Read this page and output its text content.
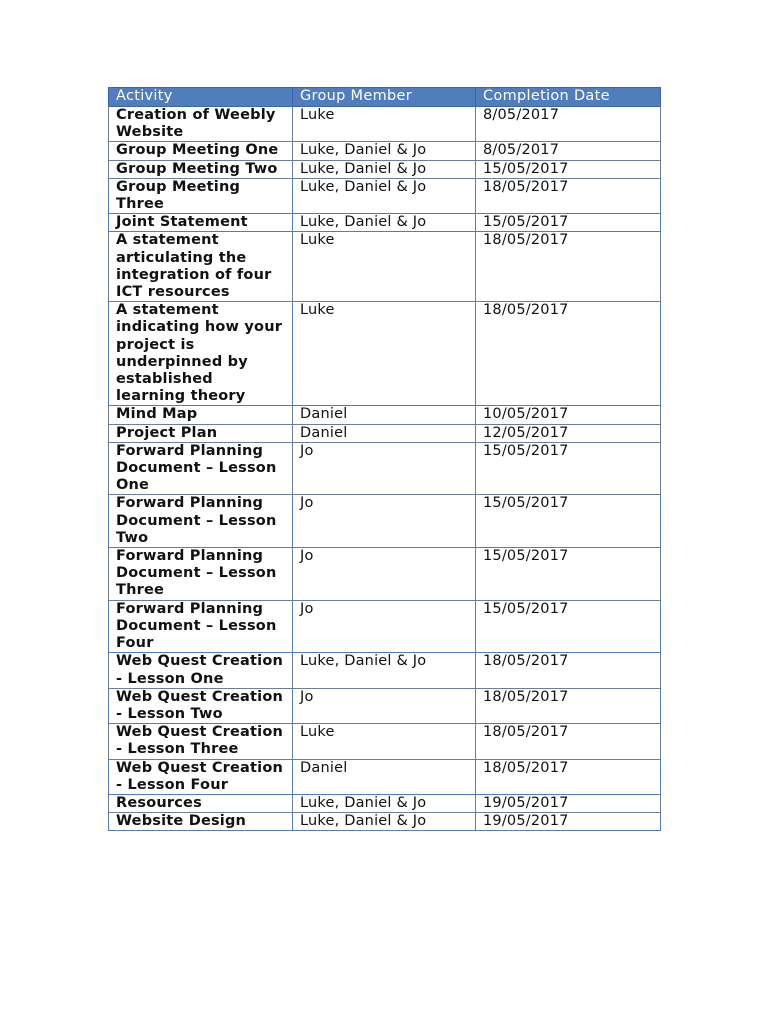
Activity	Group Member	Completion Date
Creation of Weebly Website	Luke	8/05/2017
Group Meeting One	Luke, Daniel & Jo	8/05/2017
Group Meeting Two	Luke, Daniel & Jo	15/05/2017
Group Meeting Three	Luke, Daniel & Jo	18/05/2017
Joint Statement	Luke, Daniel & Jo	15/05/2017
A statement articulating the integration of four ICT resources	Luke	18/05/2017
A statement indicating how your project is underpinned by established learning theory	Luke	18/05/2017
Mind Map	Daniel	10/05/2017
Project Plan	Daniel	12/05/2017
Forward Planning Document – Lesson One	Jo	15/05/2017
Forward Planning Document – Lesson Two	Jo	15/05/2017
Forward Planning Document – Lesson Three	Jo	15/05/2017
Forward Planning Document – Lesson Four	Jo	15/05/2017
Web Quest Creation - Lesson One	Luke, Daniel & Jo	18/05/2017
Web Quest Creation - Lesson Two	Jo	18/05/2017
Web Quest Creation - Lesson Three	Luke	18/05/2017
Web Quest Creation - Lesson Four	Daniel	18/05/2017
Resources	Luke, Daniel & Jo	19/05/2017
Website Design	Luke, Daniel & Jo	19/05/2017
